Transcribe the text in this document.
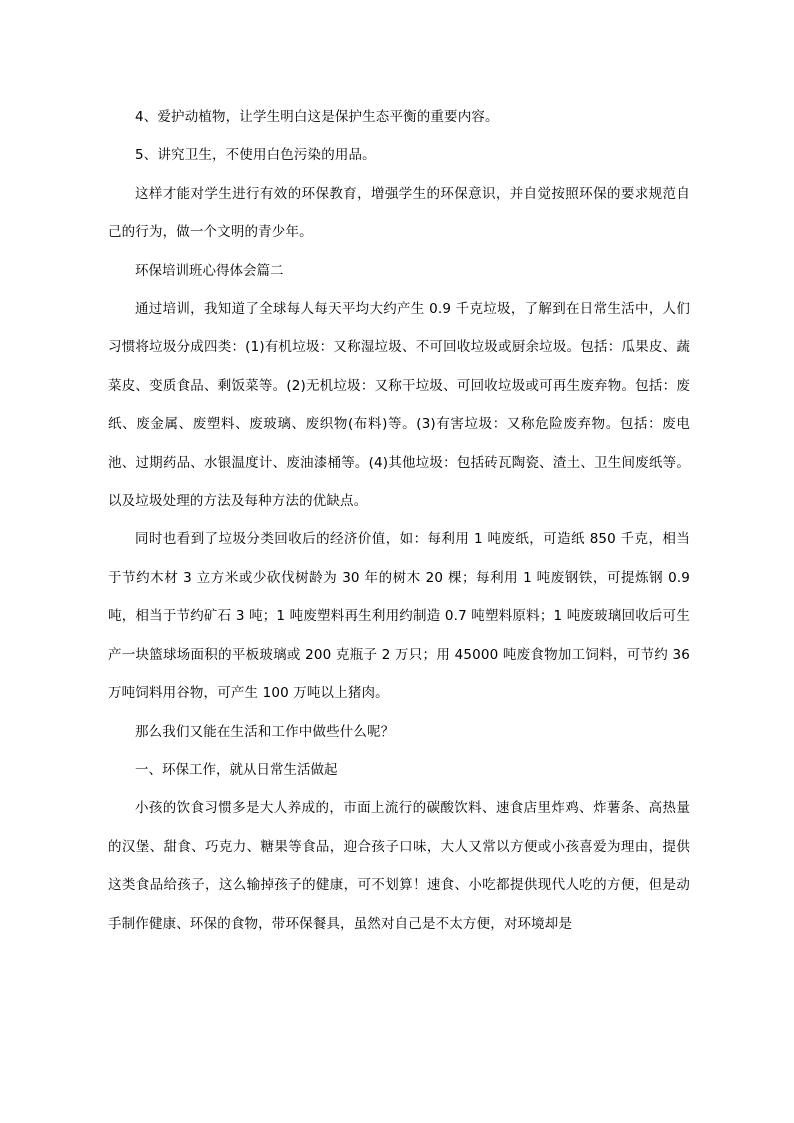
4、爱护动植物，让学生明白这是保护生态平衡的重要内容。

5、讲究卫生，不使用白色污染的用品。

这样才能对学生进行有效的环保教育，增强学生的环保意识，并自觉按照环保的要求规范自己的行为，做一个文明的青少年。

环保培训班心得体会篇二

通过培训，我知道了全球每人每天平均大约产生 0.9 千克垃圾，了解到在日常生活中，人们习惯将垃圾分成四类：(1)有机垃圾：又称湿垃圾、不可回收垃圾或厨余垃圾。包括：瓜果皮、蔬菜皮、变质食品、剩饭菜等。(2)无机垃圾：又称干垃圾、可回收垃圾或可再生废弃物。包括：废纸、废金属、废塑料、废玻璃、废织物(布料)等。(3)有害垃圾：又称危险废弃物。包括：废电池、过期药品、水银温度计、废油漆桶等。(4)其他垃圾：包括砖瓦陶瓷、渣土、卫生间废纸等。以及垃圾处理的方法及每种方法的优缺点。

同时也看到了垃圾分类回收后的经济价值，如：每利用 1 吨废纸，可造纸 850 千克，相当于节约木材 3 立方米或少砍伐树龄为 30 年的树木 20 棵；每利用 1 吨废钢铁，可提炼钢 0.9 吨，相当于节约矿石 3 吨；1 吨废塑料再生利用约制造 0.7 吨塑料原料；1 吨废玻璃回收后可生产一块篮球场面积的平板玻璃或 200 克瓶子 2 万只；用 45000 吨废食物加工饲料，可节约 36 万吨饲料用谷物，可产生 100 万吨以上猪肉。

那么我们又能在生活和工作中做些什么呢？

一、环保工作，就从日常生活做起

小孩的饮食习惯多是大人养成的，市面上流行的碳酸饮料、速食店里炸鸡、炸薯条、高热量的汉堡、甜食、巧克力、糖果等食品，迎合孩子口味，大人又常以方便或小孩喜爱为理由，提供这类食品给孩子，这么输掉孩子的健康，可不划算！速食、小吃都提供现代人吃的方便，但是动手制作健康、环保的食物，带环保餐具，虽然对自己是不太方便，对环境却是
